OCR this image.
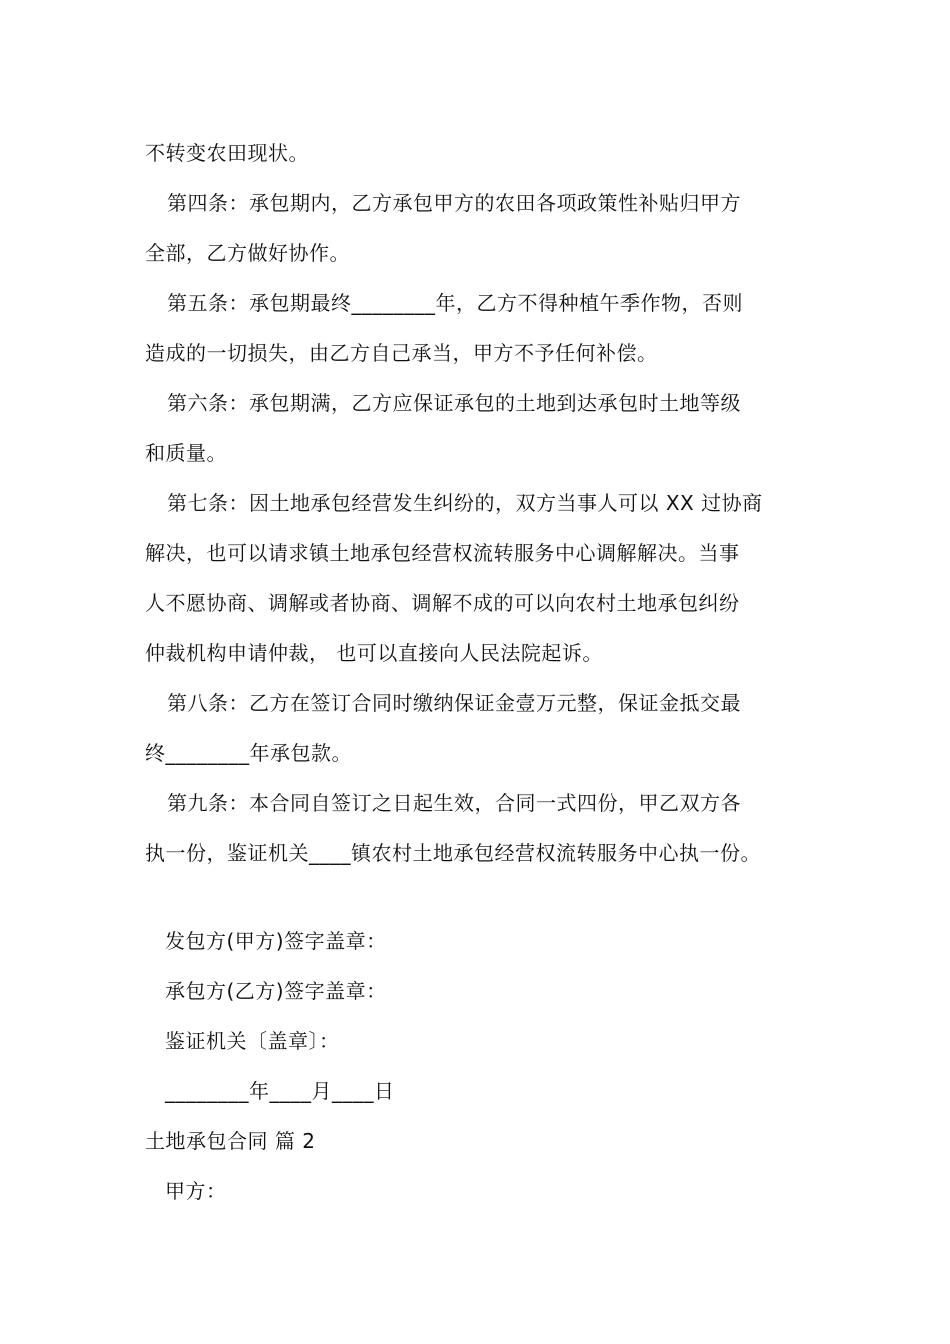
不转变农田现状。
第四条：承包期内，乙方承包甲方的农田各项政策性补贴归甲方
全部，乙方做好协作。
第五条：承包期最终________年，乙方不得种植午季作物，否则
造成的一切损失，由乙方自己承当，甲方不予任何补偿。
第六条：承包期满，乙方应保证承包的土地到达承包时土地等级
和质量。
第七条：因土地承包经营发生纠纷的，双方当事人可以 XX 过协商
解决，也可以请求镇土地承包经营权流转服务中心调解解决。当事
人不愿协商、调解或者协商、调解不成的可以向农村土地承包纠纷
仲裁机构申请仲裁， 也可以直接向人民法院起诉。
第八条：乙方在签订合同时缴纳保证金壹万元整，保证金抵交最
终________年承包款。
第九条：本合同自签订之日起生效，合同一式四份，甲乙双方各
执一份，鉴证机关____镇农村土地承包经营权流转服务中心执一份。
发包方(甲方)签字盖章：
承包方(乙方)签字盖章：
鉴证机关〔盖章〕：
________年____月____日
土地承包合同 篇 2
甲方：
